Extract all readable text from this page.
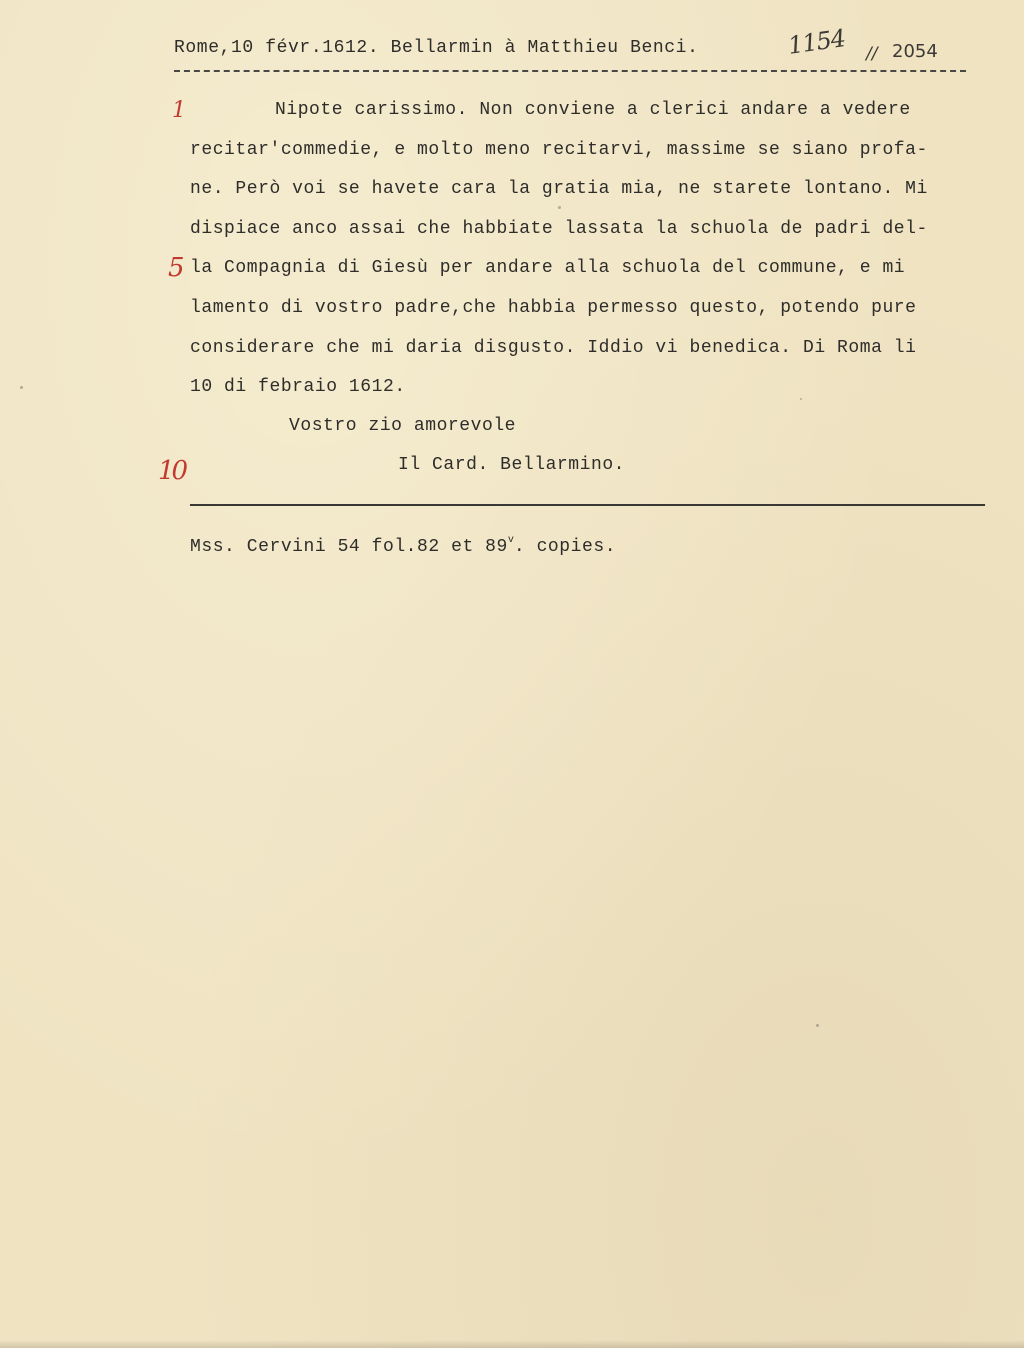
Rome,10 févr.1612. Bellarmin à Matthieu Benci.	1154 // 2054
1
5
10
Nipote carissimo. Non conviene a clerici andare a vedere
recitar'commedie, e molto meno recitarvi, massime se siano profa-
ne. Però voi se havete cara la gratia mia, ne starete lontano. Mi
dispiace anco assai che habbiate lassata la schuola de padri del-
la Compagnia di Giesù per andare alla schuola del commune, e mi
lamento di vostro padre,che habbia permesso questo, potendo pure
considerare che mi daria disgusto. Iddio vi benedica. Di Roma li
10 di febraio 1612.
Vostro zio amorevole
Il Card. Bellarmino.
Mss. Cervini 54 fol.82 et 89$^v$. copies.
